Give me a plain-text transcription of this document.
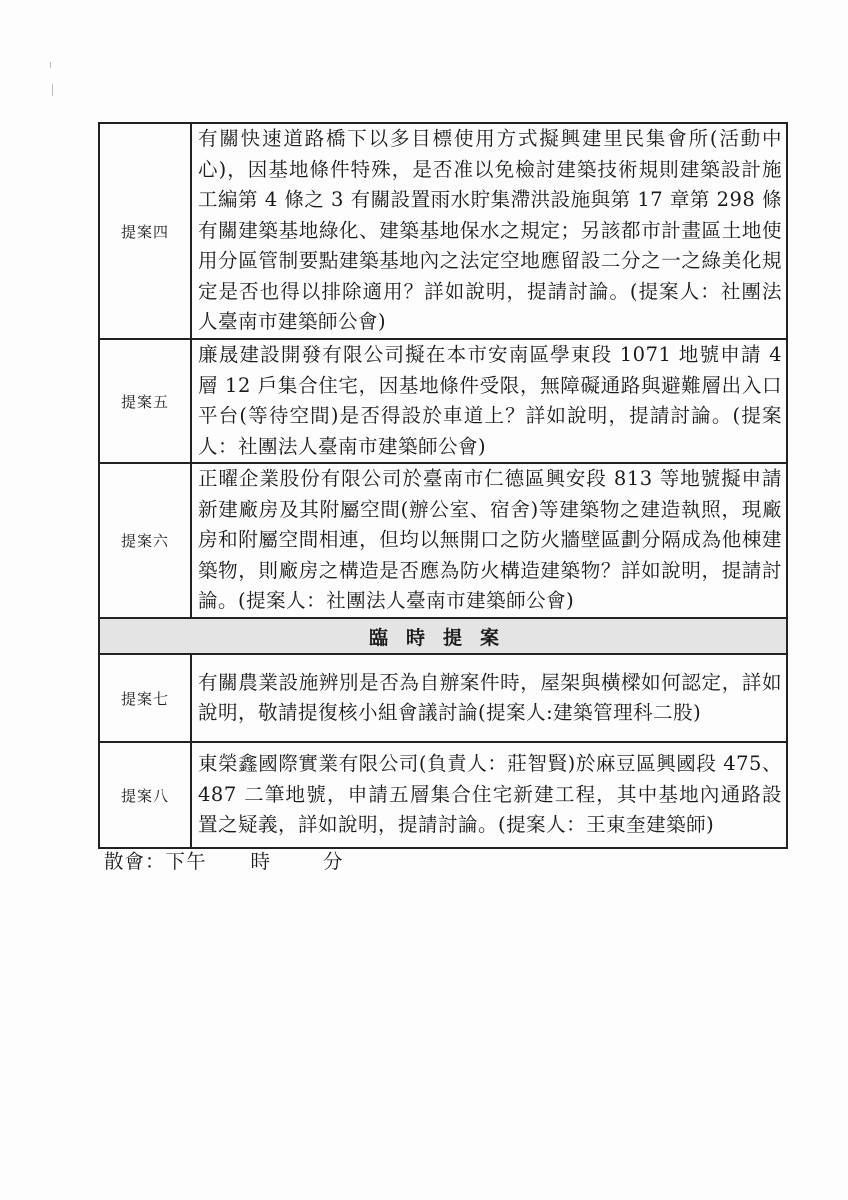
提案四	有關快速道路橋下以多目標使用方式擬興建里民集會所(活動中心)，因基地條件特殊，是否准以免檢討建築技術規則建築設計施工編第 4 條之 3 有關設置雨水貯集滯洪設施與第 17 章第 298 條有關建築基地綠化、建築基地保水之規定；另該都市計畫區土地使用分區管制要點建築基地內之法定空地應留設二分之一之綠美化規定是否也得以排除適用？詳如說明，提請討論。(提案人：社團法人臺南市建築師公會)
提案五	廉晟建設開發有限公司擬在本市安南區學東段 1071 地號申請 4 層 12 戶集合住宅，因基地條件受限，無障礙通路與避難層出入口平台(等待空間)是否得設於車道上？詳如說明，提請討論。(提案人：社團法人臺南市建築師公會)
提案六	正曜企業股份有限公司於臺南市仁德區興安段 813 等地號擬申請新建廠房及其附屬空間(辦公室、宿舍)等建築物之建造執照，現廠房和附屬空間相連，但均以無開口之防火牆壁區劃分隔成為他棟建築物，則廠房之構造是否應為防火構造建築物？詳如說明，提請討論。(提案人：社團法人臺南市建築師公會)
臨時提案	
提案七	有關農業設施辨別是否為自辦案件時，屋架與橫樑如何認定，詳如說明，敬請提復核小組會議討論(提案人:建築管理科二股)
提案八	東榮鑫國際實業有限公司(負責人：莊智賢)於麻豆區興國段 475、487 二筆地號，申請五層集合住宅新建工程，其中基地內通路設置之疑義，詳如說明，提請討論。(提案人：王東奎建築師)
散會：下午 時	分
